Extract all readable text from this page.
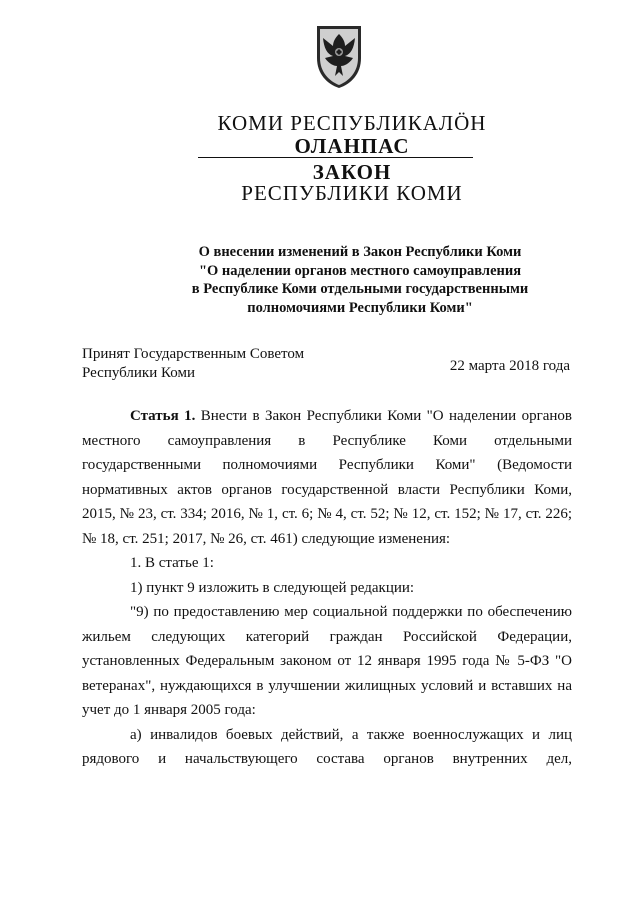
КОМИ РЕСПУБЛИКАЛÖН
ОЛАНПАС
ЗАКОН
РЕСПУБЛИКИ КОМИ
О внесении изменений в Закон Республики Коми
"О наделении органов местного самоуправления
в Республике Коми отдельными государственными
полномочиями Республики Коми"
Принят Государственным Советом
Республики Коми	22 марта 2018 года

Статья 1. Внести в Закон Республики Коми "О наделении органов местного самоуправления в Республике Коми отдельными государственными полномочиями Республики Коми" (Ведомости нормативных актов органов государственной власти Республики Коми, 2015, № 23, ст. 334; 2016, № 1, ст. 6; № 4, ст. 52; № 12, ст. 152; № 17, ст. 226; № 18, ст. 251; 2017, № 26, ст. 461) следующие изменения:

1. В статье 1:

1) пункт 9 изложить в следующей редакции:

"9) по предоставлению мер социальной поддержки по обеспечению жильем следующих категорий граждан Российской Федерации, установленных Федеральным законом от 12 января 1995 года № 5-ФЗ "О ветеранах", нуждающихся в улучшении жилищных условий и вставших на учет до 1 января 2005 года:

а) инвалидов боевых действий, а также военнослужащих и лиц рядового и начальствующего состава органов внутренних дел,
